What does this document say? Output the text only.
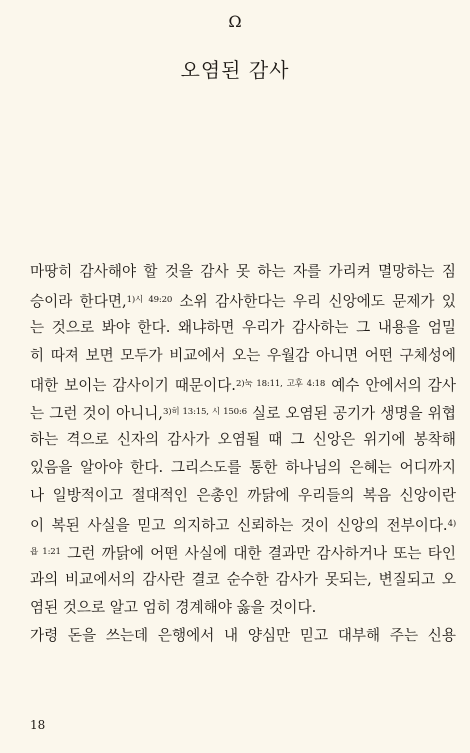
Ω
오염된 감사
마땅히 감사해야 할 것을 감사 못 하는 자를 가리켜 멸망하는 짐
승이라 한다면,$^{1)시 49:20}$ 소위 감사한다는 우리 신앙에도 문제가 있
는 것으로 봐야 한다. 왜냐하면 우리가 감사하는 그 내용을 엄밀
히 따져 보면 모두가 비교에서 오는 우월감 아니면 어떤 구체성에
대한 보이는 감사이기 때문이다.$^{2)눅 18:11, 고후 4:18}$ 예수 안에서의 감사
는 그런 것이 아니니,$^{3)히 13:15, 시 150:6}$ 실로 오염된 공기가 생명을 위협
하는 격으로 신자의 감사가 오염될 때 그 신앙은 위기에 봉착해
있음을 알아야 한다. 그리스도를 통한 하나님의 은혜는 어디까지
나 일방적이고 절대적인 은총인 까닭에 우리들의 복음 신앙이란
이 복된 사실을 믿고 의지하고 신뢰하는 것이 신앙의 전부이다.$^{4)}$
$^{욥 1:21}$ 그런 까닭에 어떤 사실에 대한 결과만 감사하거나 또는 타인
과의 비교에서의 감사란 결코 순수한 감사가 못되는, 변질되고 오
염된 것으로 알고 엄히 경계해야 옳을 것이다.
가령 돈을 쓰는데 은행에서 내 양심만 믿고 대부해 주는 신용
18
